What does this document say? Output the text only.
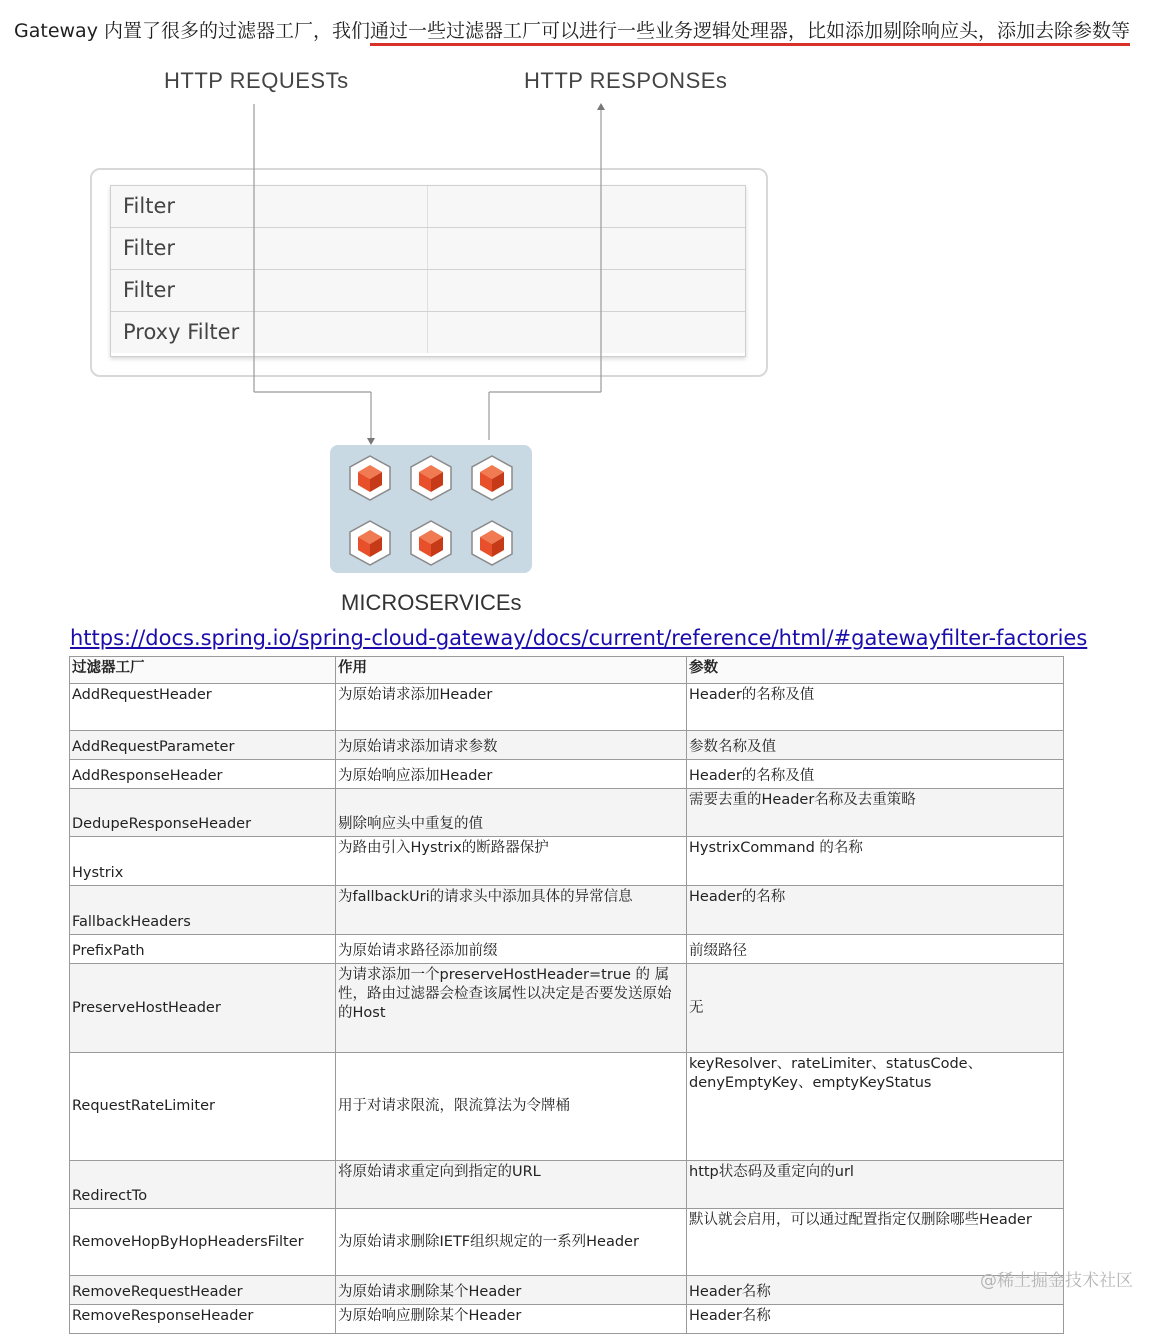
Gateway 内置了很多的过滤器工厂，我们通过一些过滤器工厂可以进行一些业务逻辑处理器，比如添加剔除响应头，添加去除参数等
HTTP REQUESTs	HTTP RESPONSEs
Filter
Filter
Filter
Proxy Filter
MICROSERVICEs
https://docs.spring.io/spring-cloud-gateway/docs/current/reference/html/#gatewayfilter-factories
过滤器工厂	作用	参数
AddRequestHeader	为原始请求添加Header	Header的名称及值
AddRequestParameter	为原始请求添加请求参数	参数名称及值
AddResponseHeader	为原始响应添加Header	Header的名称及值
DedupeResponseHeader	剔除响应头中重复的值	需要去重的Header名称及去重策略
Hystrix	为路由引入Hystrix的断路器保护	HystrixCommand 的名称
FallbackHeaders	为fallbackUri的请求头中添加具体的异常信息	Header的名称
PrefixPath	为原始请求路径添加前缀	前缀路径
PreserveHostHeader	为请求添加一个preserveHostHeader=true 的 属性，路由过滤器会检查该属性以决定是否要发送原始的Host	无
RequestRateLimiter	用于对请求限流，限流算法为令牌桶	keyResolver、rateLimiter、statusCode、denyEmptyKey、emptyKeyStatus
RedirectTo	将原始请求重定向到指定的URL	http状态码及重定向的url
RemoveHopByHopHeadersFilter	为原始请求删除IETF组织规定的一系列Header	默认就会启用，可以通过配置指定仅删除哪些Header
RemoveRequestHeader	为原始请求删除某个Header	Header名称
RemoveResponseHeader	为原始响应删除某个Header	Header名称
@稀土掘金技术社区
